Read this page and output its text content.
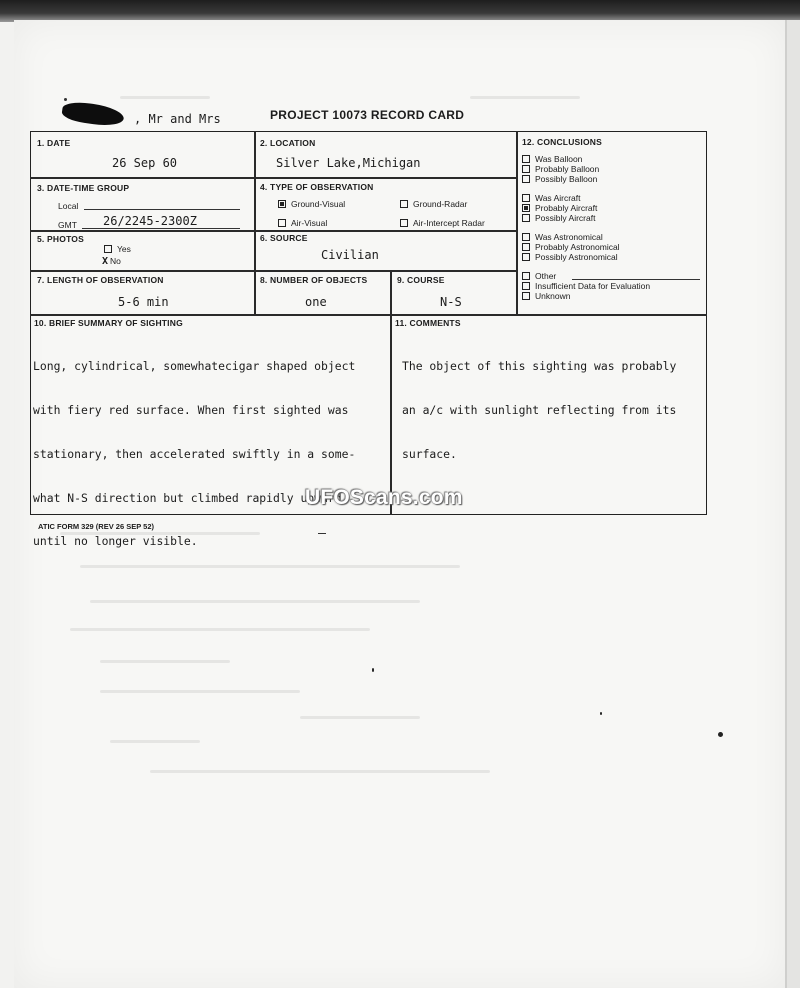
, Mr and Mrs	PROJECT 10073 RECORD CARD
1. DATE
26 Sep 60
2. LOCATION
Silver Lake,Michigan
3. DATE-TIME GROUP
Local
GMT 26/2245-2300Z
4. TYPE OF OBSERVATION
Ground-Visual	Ground-Radar
Air-Visual	Air-Intercept Radar
5. PHOTOS
Yes
X No
6. SOURCE
Civilian
7. LENGTH OF OBSERVATION
5-6 min
8. NUMBER OF OBJECTS
one
9. COURSE
N-S
10. BRIEF SUMMARY OF SIGHTING

Long, cylindrical, somewhatecigar shaped object

with fiery red surface. When first sighted was

stationary, then accelerated swiftly in a some-

what N-S direction but climbed rapidly upward

until no longer visible.

11. COMMENTS

The object of this sighting was probably

an a/c with sunlight reflecting from its

surface.

12. CONCLUSIONS
Was Balloon
Probably Balloon
Possibly Balloon
Was Aircraft
Probably Aircraft
Possibly Aircraft
Was Astronomical
Probably Astronomical
Possibly Astronomical
Other
Insufficient Data for Evaluation
Unknown
ATIC FORM 329 (REV 26 SEP 52)
UFOScans.com
